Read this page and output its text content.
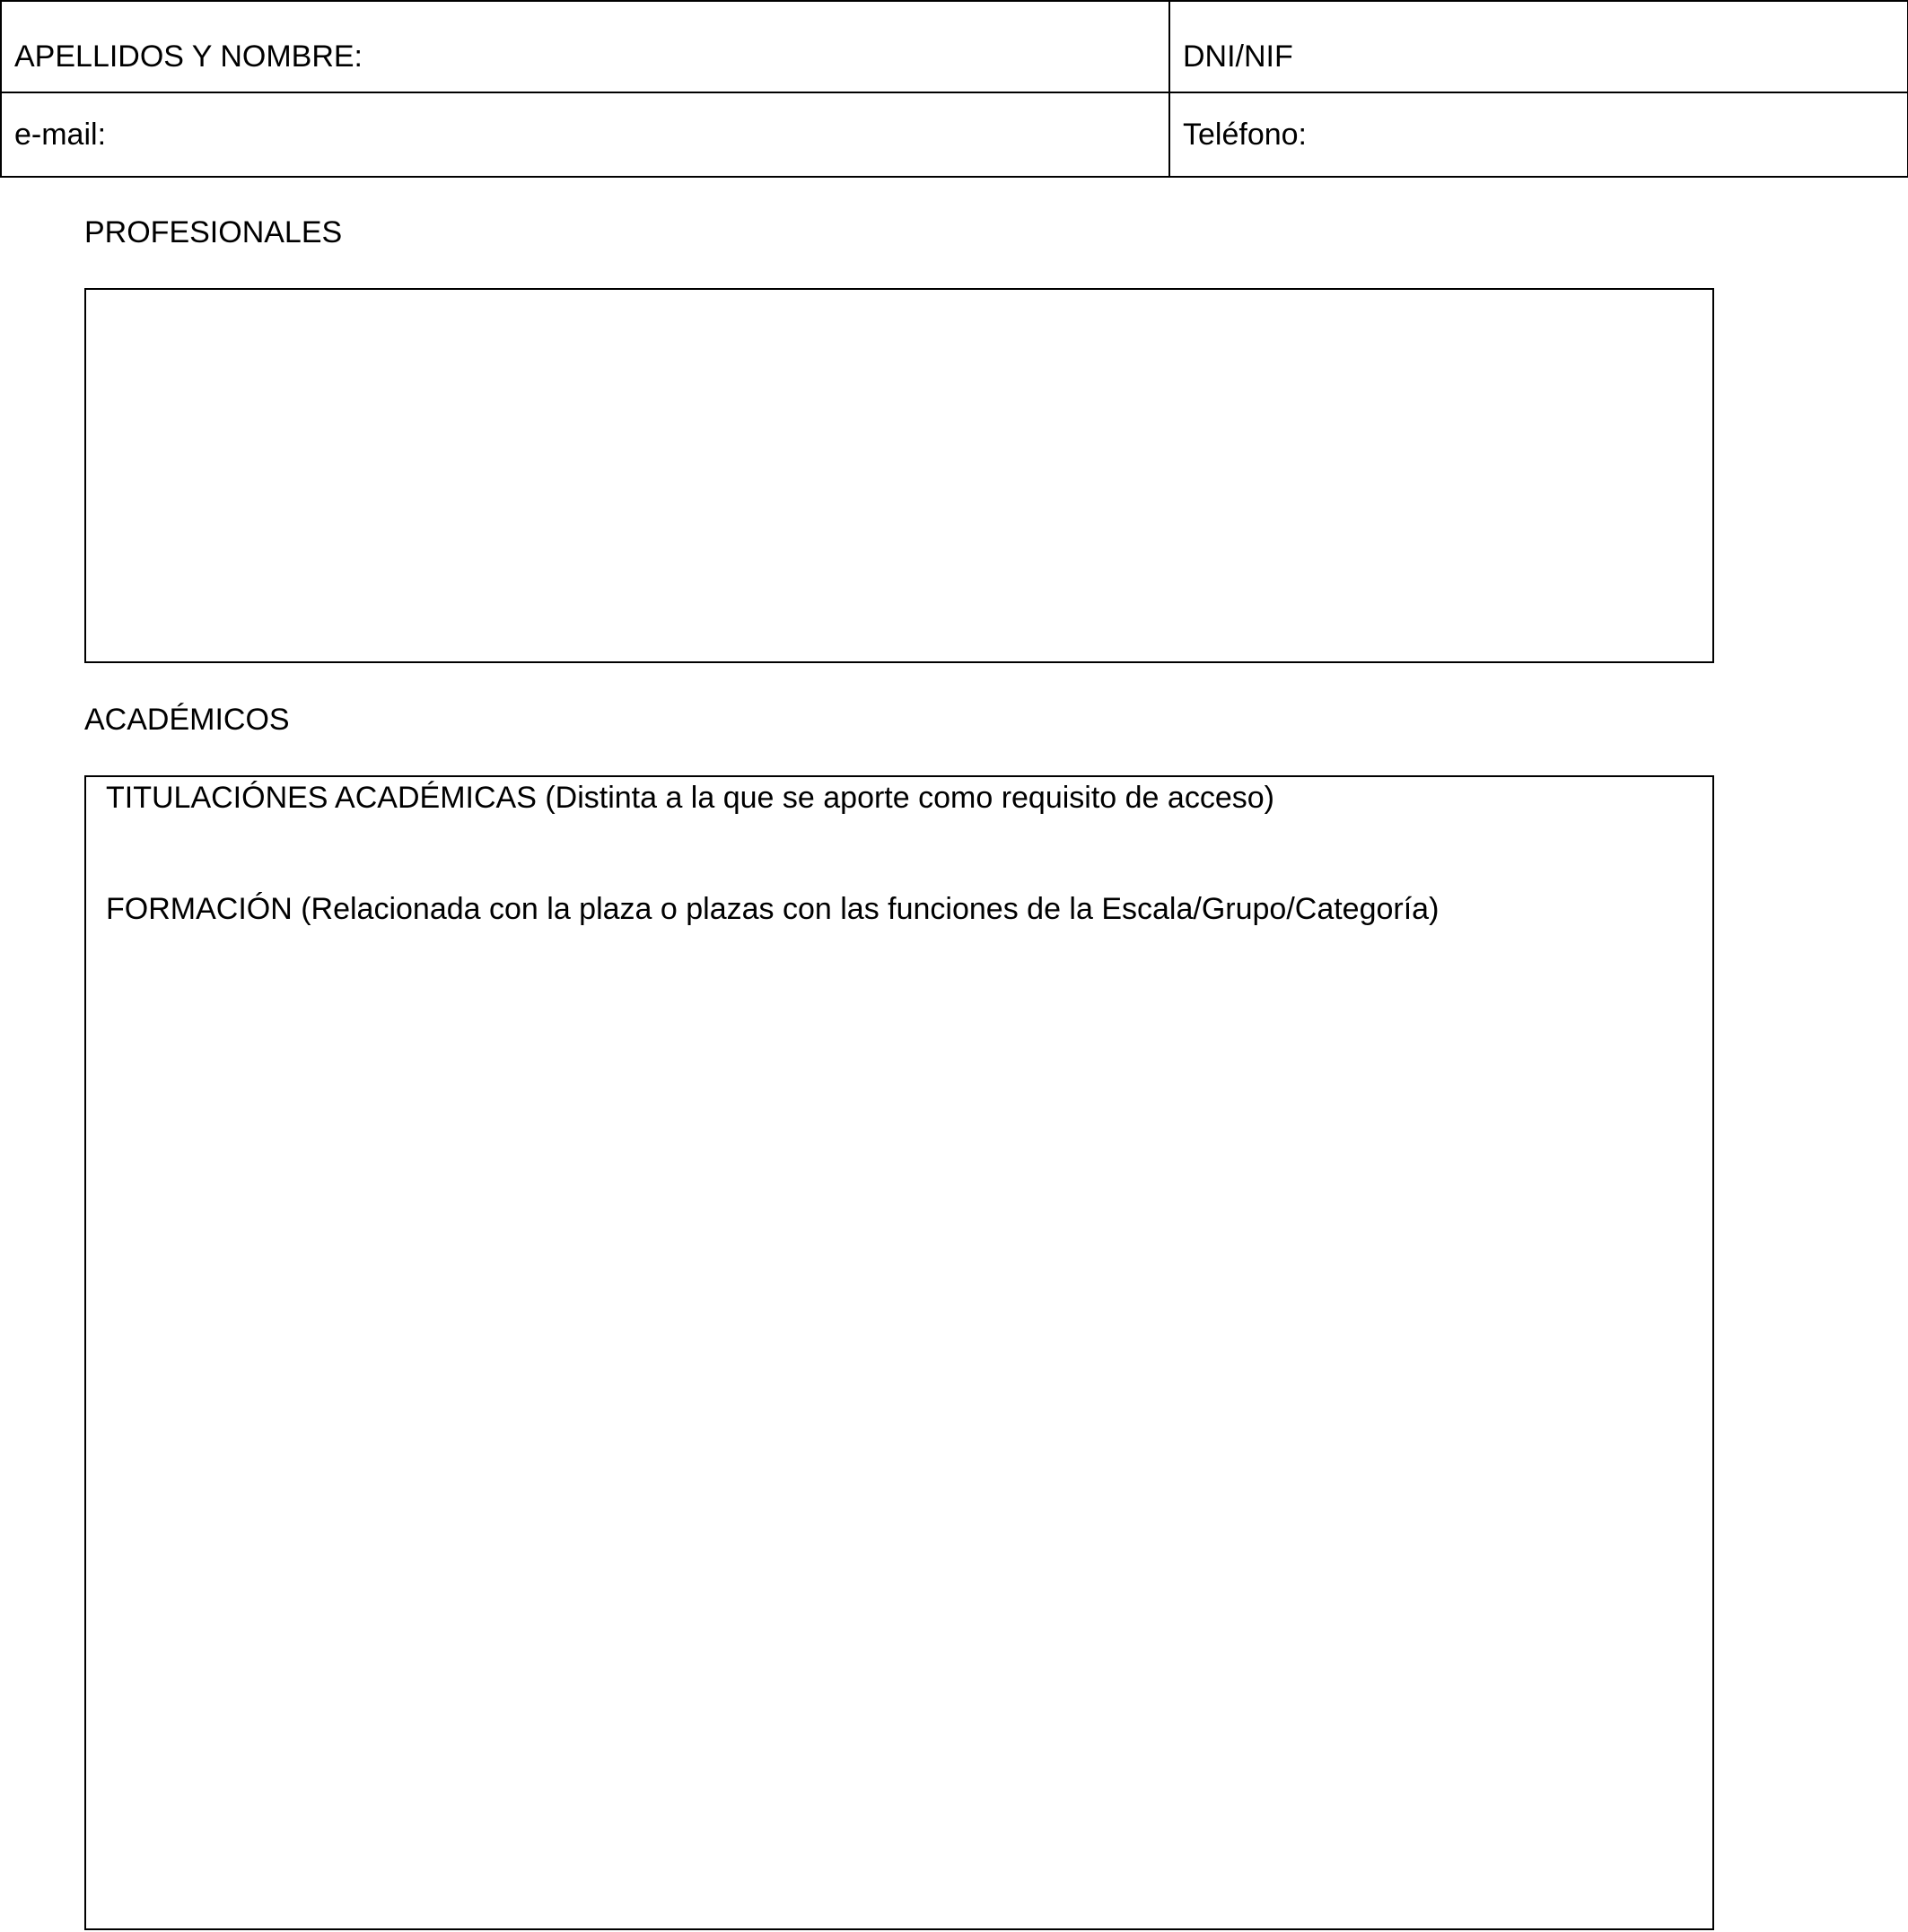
APELLIDOS Y NOMBRE:	DNI/NIF
e-mail:	Teléfono:
PROFESIONALES
ACADÉMICOS
TITULACIÓNES ACADÉMICAS (Distinta a la que se aporte como requisito de acceso)
FORMACIÓN (Relacionada con la plaza o plazas con las funciones de la Escala/Grupo/Categoría)
